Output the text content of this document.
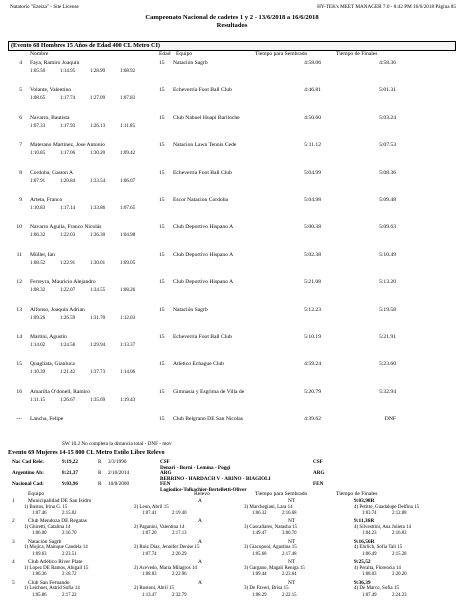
Natatorio "Ezeiza" - Site License	HY-TEK's MEET MANAGER 7.0 - 8:42 PM 16/6/2018 Página 85
Campeonato Nacional de cadetes 1 y 2 - 13/6/2018 a 16/6/2018
Resultados
(Evento 68 Hombres 15 Años de Edad 400 CL Metro CI)
Nombre	Edad Equipo	Tiempo para Sembrado	Tiempo de Finales
4 Faya, Ramiro Joaquín	15 Natación Sagrb	4:58.06	4:58.36
1:05.50	1:14.95	1:28.99	1:08.92
5 Volante, Valentino	15 Echeverría Foot Ball Club	4:46.81	5:01.31
1:08.65	1:17.74	1:27.09	1:07.83
6 Navarro, Bautista	15 Club Nahuel Huapi Bariloche	4:50.60	5:03.24
1:07.33	1:17.93	1:26.13	1:11.85
7 Materano Martinez, Jose Antonio	15 Natacion Lawn Tennis Cede	5:11.12	5:07.53
1:10.85	1:17.06	1:30.20	1:09.42
8 Cordoba, Gaston A	15 Echeverría Foot Ball Club	5:04.99	5:08.36
1:07.91	1:20.84	1:33.54	1:06.07
9 Arteta, Franco	15 Escor Natacion Cordoba	5:04.98	5:09.48
1:10.83	1:17.14	1:33.86	1:07.65
10 Navarro Aguila, Franco Nicolás	15 Club Deportivo Hispano A	5:00.38	5:09.63
1:06.32	1:22.03	1:36.30	1:04.98
11 Müller, Ian	15 Club Deportivo Hispano A	5:02.38	5:10.49
1:08.52	1:22.91	1:30.01	1:09.05
12 Ferreyra, Mauricio Alejandro	15 Club Deportivo Hispano A	5:21.08	5:13.20
1:08.32	1:22.07	1:34.55	1:08.26
13 Alfonso, Joaquin Adrian	15 Natación Sagrb	5:12.23	5:19.58
1:09.26	1:26.59	1:31.70	1:12.03
14 Martini, Agustín	15 Echeverría Foot Ball Club	5:10.19	5:21.91
1:14.02	1:24.58	1:29.94	1:13.37
15 Quagliata, Gianluca	15 Atletico Echague Club	4:59.24	5:23.60
1:10.39	1:21.42	1:37.73	1:14.06
16 Amarilla O'donell, Ramiro	15 Gimnasia y Esgrima de Villa de	5:20.79	5:32.94
1:11.15	1:26.67	1:35.69	1:19.43
--- Lancha, Felipe	15 Club Belgrano DE San Nicolas	4:39.62	DNF
SW 10.2 No completa la distancia total - DNF - mov
Evento 69 Mujeres 14-15 800 CL Metro Estilo Libre Relevo
Nac Cad Rele:	9:19,22	R 3/3/1990	CSF	CSF
Denari - Borni - Lemma - Poggi
Argentino Ab:	8:21,37	R 2/10/2014	ARG	ARG
BERRINO - HARDACH V - ARINO - BIAGIOLI
Nacional Cad:	9:03,96	R 10/8/2000	FEN	FEN
Logiodice-Tolkachier-Bertelletti-Oliver
Equipo	Relevo	Tiempo para Sembrado	Tiempo de Finales
1 Municipalidad DE San Isidro	A	NT	9:03,98R
1) Bustos, Irina G. 15	2) Leon, Abril 15	3) Marchegiani, Lara 14	4) Petitto, Guadalupe Delfina 15
1:07.46	2:15.02	1:07.41	2:19.40	1:06.32	2:16.68	1:03.74	2:12.88
2 Club Mendoza DE Regatas	A	NT	9:11,36R
1) Ghiretti, Catalina 14	2) Paganini, Valentina 14	3) Cascallares, Natasha 15	4) Silvestrini, Ana Julieta 14
1:06.00	2:16.70	1:07.20	2:17.13	1:49.47	3:00.70	1:04.23	2:16.83
3 Natación Sagrb	A	NT	9:16,56R
1) Mojica, Mainque Candela 14	2) Ruiz Diaz, Jennifer Denise 15	3) Giacoponi, Agustina 15	4) Ehrlich, Sofía Tali 15
1:09.63	2:23.51	1:07.74	2:20.29	1:05.68	2:17.48	1:06.49	2:15.28
4 Club Atlético River Plate	A	NT	9:25,52
1) Lopez DE Ramos, Abigail 15	2) Acevedo, Maria Milagros 14	3) Gargano, Magali Reniga 15	4) Peralta, Florencia 14
1:06.36	2:18.72	1:08.83	2:22.96	1:09.44	2:23.64	1:08.03	2:20.20
5 Club San Fernando	A	NT	9:36,39
1) Leichner, Astrid Sofía 14	2) Rostoni, Abril 15	3) De Faveri, Brisa 15	4) De Marco, Sofia 15
1:05.86	2:17.22	1:13.47	2:32.79	1:08.29	2:22.15	1:07.49	2:24.23
